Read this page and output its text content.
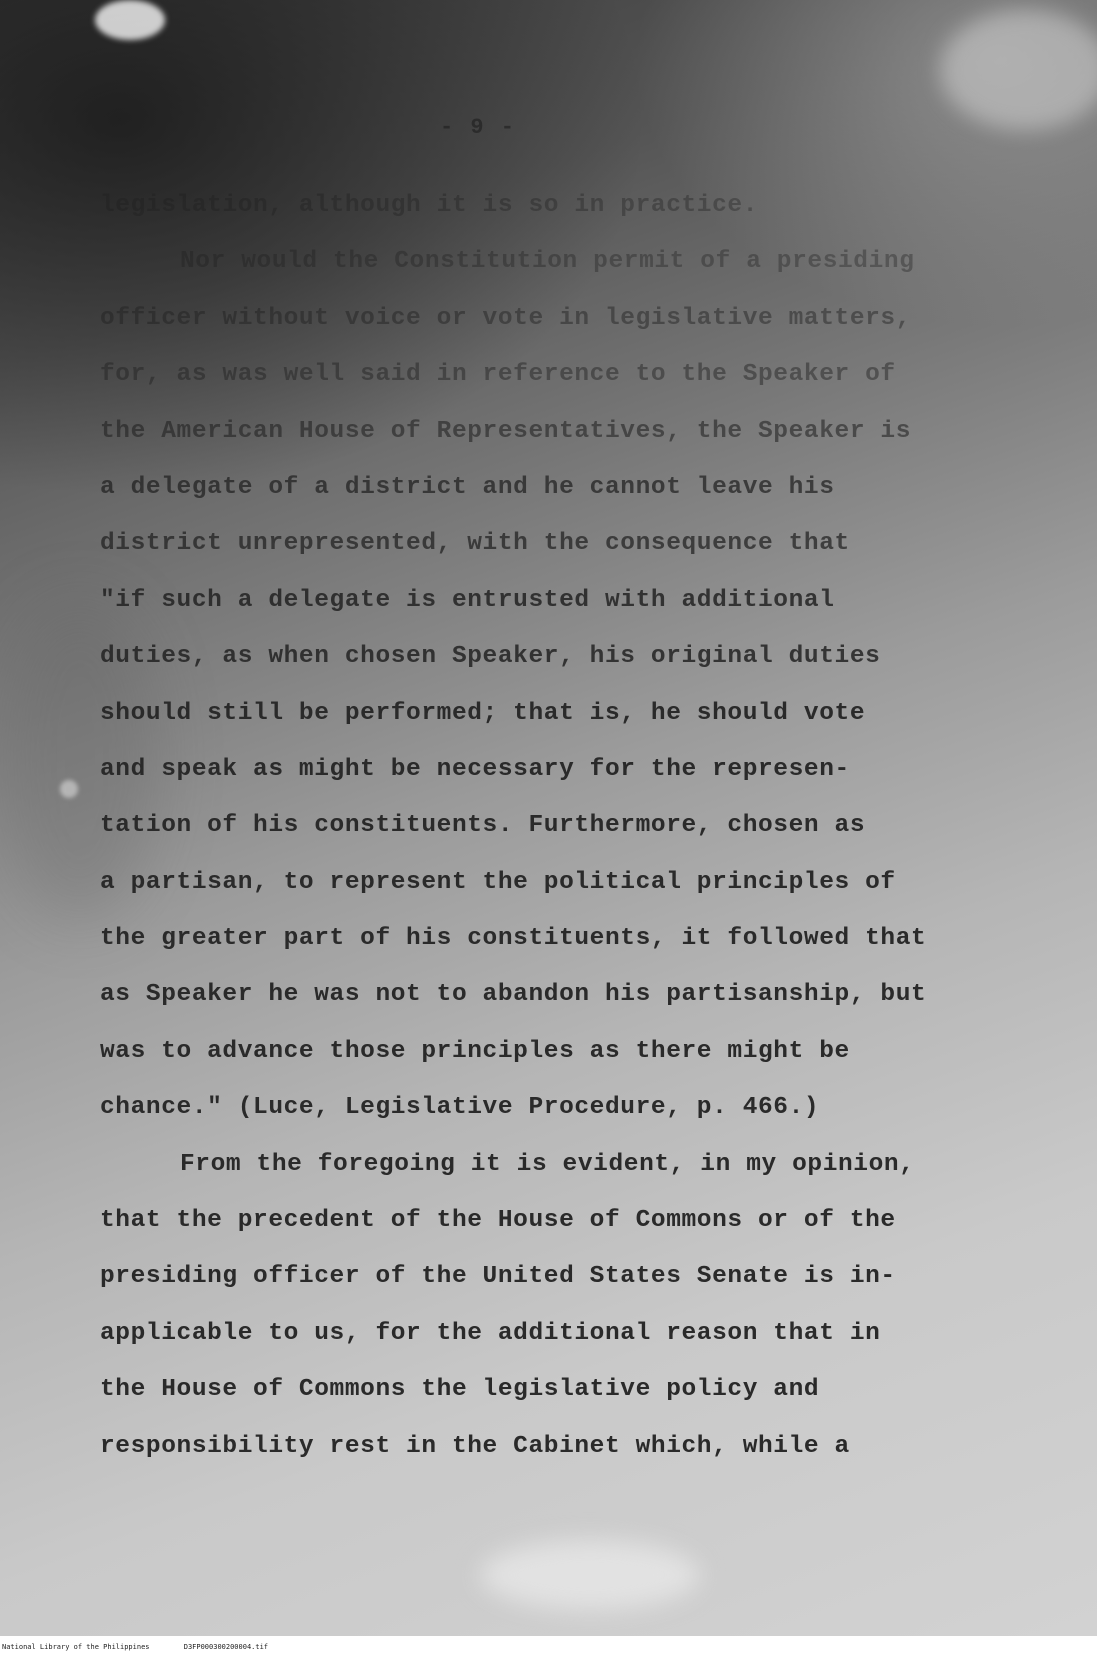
- 9 -
legislation, although it is so in practice.
Nor would the Constitution permit of a presiding
officer without voice or vote in legislative matters,
for, as was well said in reference to the Speaker of
the American House of Representatives, the Speaker is
a delegate of a district and he cannot leave his
district unrepresented, with the consequence that
"if such a delegate is entrusted with additional
duties, as when chosen Speaker, his original duties
should still be performed; that is, he should vote
and speak as might be necessary for the represen-
tation of his constituents. Furthermore, chosen as
a partisan, to represent the political principles of
the greater part of his constituents, it followed that
as Speaker he was not to abandon his partisanship, but
was to advance those principles as there might be
chance." (Luce, Legislative Procedure, p. 466.)
From the foregoing it is evident, in my opinion,
that the precedent of the House of Commons or of the
presiding officer of the United States Senate is in-
applicable to us, for the additional reason that in
the House of Commons the legislative policy and
responsibility rest in the Cabinet which, while a
National Library of the Philippines	D3FP000300200004.tif
